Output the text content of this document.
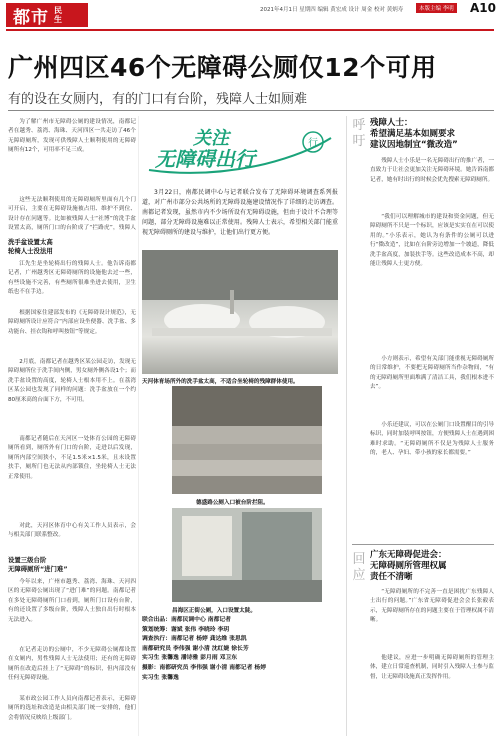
都市 民生
2021年4月1日 星期四 编辑 黄宏成 设计 周金 校对 黄炳寿	本版主编 李明 A10
广州四区46个无障碍公厕仅12个可用
有的设在女厕内，有的门口有台阶，残障人士如厕难
为了解广州市无障碍公厕的建设情况，南都记者在越秀、荔湾、海珠、天河四区一共走访了46个无障碍厕所，发现可供残障人士顺利使用的无障碍厕所有12个，可用率不足三成。
这些无法顺利使用的无障碍厕所里面有几个门可开启，主要在无障碍设施被占用、维护不到位、设计存在问题等。比如被残障人士“社博”的洗手盆设置太高，厕所门口的台阶成了“拦路虎”，残障人
洗手盆设置太高
轮椅人士没法用
江先生是坐轮椅出行的残障人士。他告诉南都记者，广州越秀区无障碍厕所的设施他去过一些，有些设施不完善，有些厕所很难坐进去使用，卫生纸也不在手边。
根据国家住建部发布的《无障碍设计规范》，无障碍厕所设计应符合“内部应设坐便器、洗手盆、多功能台、挂衣钩和呼叫按钮”等规定。
2月底，南都记者在越秀区某公园走访，发现无障碍厕所位于洗手间内侧，男女厕外侧各设1个；而洗手盆设置的高度，轮椅人士根本用不上。在荔湾区某公园也发现了同样的问题：洗手盆放在一个约80厘米高的台面下方，不可用。
南都记者随后在天河区一处体育公园的无障碍厕所看到，厕所外有门口的台阶，走进以后发现，厕所内部空间狭小，不足1.5米×1.5米，且未设置扶手，厕所门也无法从内部锁住，坐轮椅人士无法正常使用。
对此，天河区体育中心有关工作人员表示，会与相关部门联系整改。
设置三级台阶
无障碍厕所“进门难”
今年以来，广州市越秀、荔湾、海珠、天河四区的无障碍公厕出现了“进门难”的问题。南都记者在多处无障碍厕所门口看到，厕所门口设有台阶，有的还设置了多级台阶，残障人士独自出行时根本无法进入。
在记者走访的公厕中，不少无障碍公厕都设置在女厕内，男性残障人士无法使用；还有的无障碍厕所在改造后挂上了“无障碍”的标识，但内部没有任何无障碍设施。
某市政公园工作人员向南都记者表示，无障碍厕所的选址和改造是由相关部门统一安排的，他们会将情况反映给上级部门。
关注
无障碍出行
行
3月22日，南都民调中心与记者联合发布了无障碍环境调查系列报道，对广州市部分公共场所的无障碍设施建设情况作了详细的走访调查。南都记者发现，虽然市内不少场所设有无障碍设施，但由于设计不合理等问题，部分无障碍设施难以正常使用。残障人士表示，希望相关部门能重视无障碍厕所的建设与维护，让他们出行更方便。
天河体育场所外的洗手盆太高，不适合坐轮椅的残障群体使用。
德盛路公厕入口被台阶拦阻。
昌海区正街公厕，入口设置太陡。
联合出品：南都民调中心 南都记者
策划统筹：谢斌 张伟 李晓玲 李玥
调查执行：南都记者 杨婷 龚达维 张思凯
南都研究员 李伟强 谢小清 沈红婕 徐长芳
实习生 张馨逸 潘诗雅 彭月雨 邓卫东
摄影：南都研究员 李伟强 谢小清 南都记者 杨婷
实习生 张馨逸
呼吁
残障人士：
希望满足基本如厕要求
建议因地制宜“微改造”
残障人士小乐是一名无障碍出行的推广者，一直致力于让社会更加关注无障碍环境。她告诉南都记者，她有时出行的时候会优先搜索无障碍厕所。
“我们可以理解城市的建设和资金问题，但无障碍厕所不只是一个标识，应该是实实在在可以使用的。”小乐表示，她认为有条件的公厕可以进行“微改造”，比如在台阶旁边增加一个坡道，降低洗手盆高度，加装扶手等。这些改造成本不高，却能让残障人士更方便。
小方则表示，希望有关部门能重视无障碍厕所的日常维护，不要把无障碍厕所当作杂物间，“有的无障碍厕所里面堆满了清洁工具，我们根本进不去”。
小乐还建议，可以在公厕门口设置醒目的引导标识，同时加装呼叫按钮，方便残障人士在遇到困难时求助。“无障碍厕所不仅是为残障人士服务的，老人、孕妇、带小孩的家长都需要。”
回应
广东无障碍促进会：
无障碍厕所管理权属
责任不清晰
“无障碍厕所的不完善一直是困扰广东残障人士出行的问题。”广东省无障碍促进会会长张毅表示，无障碍厕所存在的问题主要在于管理权属不清晰。
他建议，应进一步明确无障碍厕所的管理主体，建立日常巡查机制，同时引入残障人士参与监督，让无障碍设施真正发挥作用。
